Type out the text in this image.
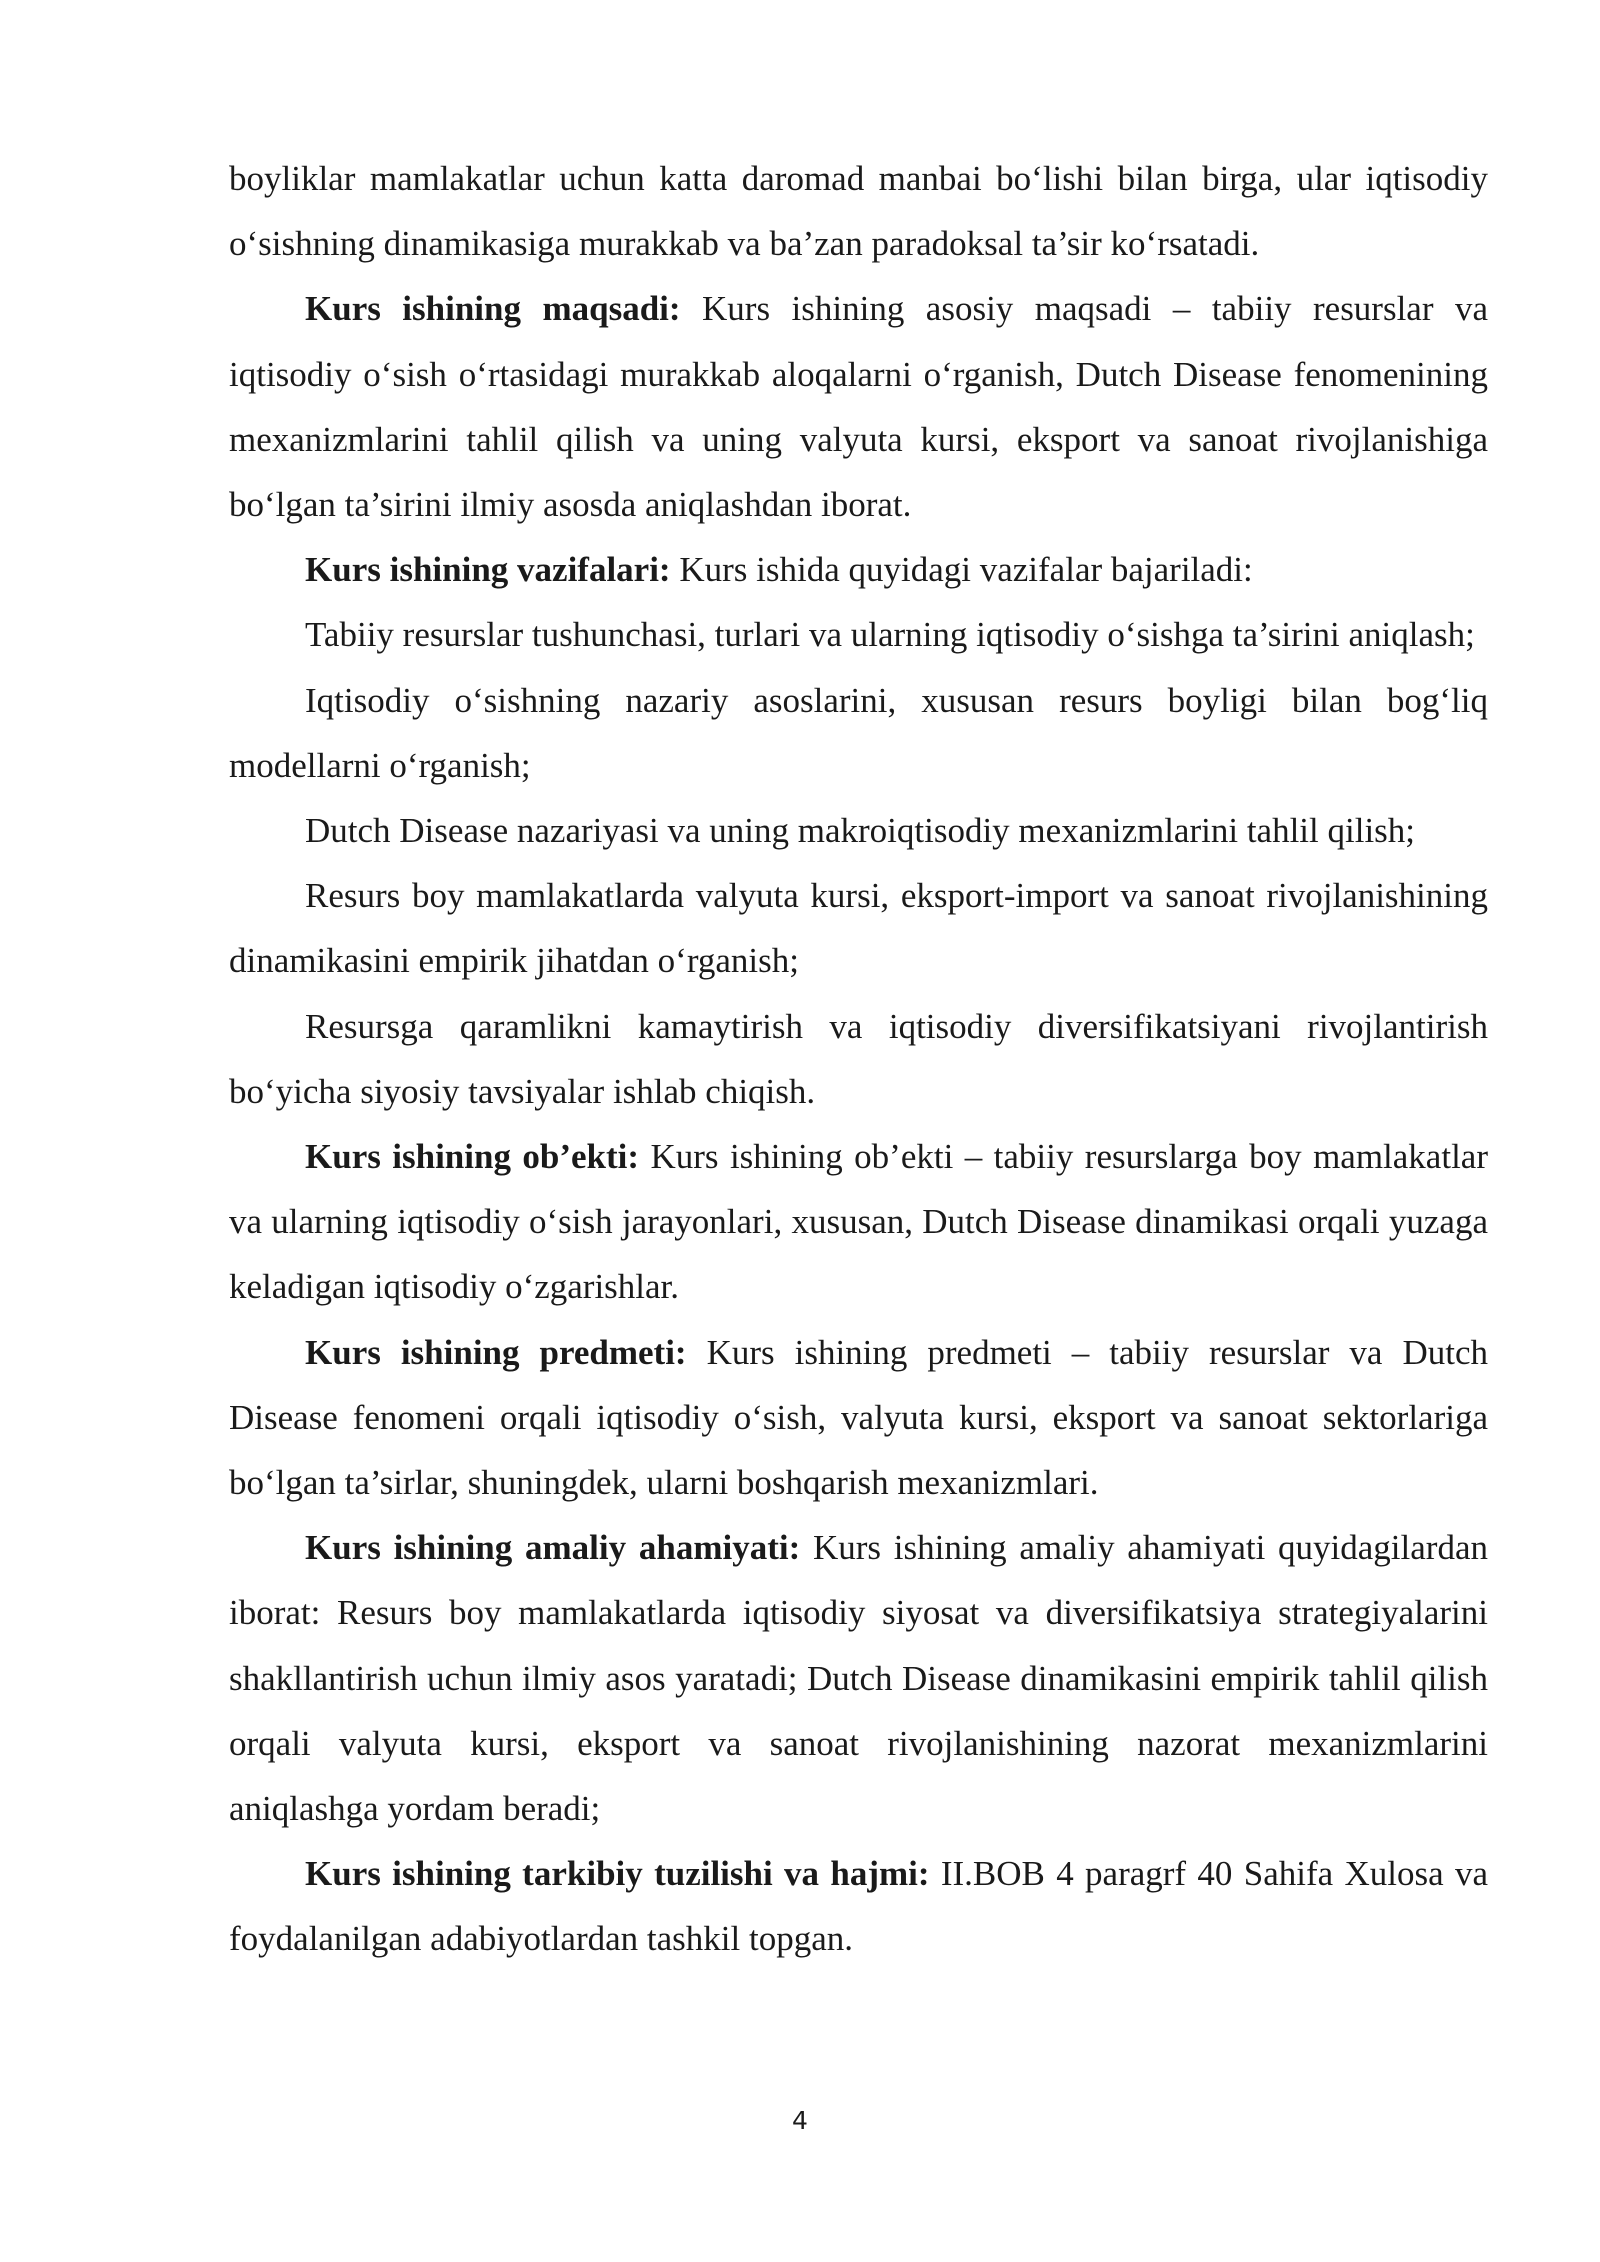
boyliklar mamlakatlar uchun katta daromad manbai bo‘lishi bilan birga, ular iqtisodiy o‘sishning dinamikasiga murakkab va ba’zan paradoksal ta’sir ko‘rsatadi.

Kurs ishining maqsadi: Kurs ishining asosiy maqsadi – tabiiy resurslar va iqtisodiy o‘sish o‘rtasidagi murakkab aloqalarni o‘rganish, Dutch Disease fenomenining mexanizmlarini tahlil qilish va uning valyuta kursi, eksport va sanoat rivojlanishiga bo‘lgan ta’sirini ilmiy asosda aniqlashdan iborat.

Kurs ishining vazifalari: Kurs ishida quyidagi vazifalar bajariladi:

Tabiiy resurslar tushunchasi, turlari va ularning iqtisodiy o‘sishga ta’sirini aniqlash;

Iqtisodiy o‘sishning nazariy asoslarini, xususan resurs boyligi bilan bog‘liq modellarni o‘rganish;

Dutch Disease nazariyasi va uning makroiqtisodiy mexanizmlarini tahlil qilish;

Resurs boy mamlakatlarda valyuta kursi, eksport-import va sanoat rivojlanishining dinamikasini empirik jihatdan o‘rganish;

Resursga qaramlikni kamaytirish va iqtisodiy diversifikatsiyani rivojlantirish bo‘yicha siyosiy tavsiyalar ishlab chiqish.

Kurs ishining ob’ekti: Kurs ishining ob’ekti – tabiiy resurslarga boy mamlakatlar va ularning iqtisodiy o‘sish jarayonlari, xususan, Dutch Disease dinamikasi orqali yuzaga keladigan iqtisodiy o‘zgarishlar.

Kurs ishining predmeti: Kurs ishining predmeti – tabiiy resurslar va Dutch Disease fenomeni orqali iqtisodiy o‘sish, valyuta kursi, eksport va sanoat sektorlariga bo‘lgan ta’sirlar, shuningdek, ularni boshqarish mexanizmlari.

Kurs ishining amaliy ahamiyati: Kurs ishining amaliy ahamiyati quyidagilardan iborat: Resurs boy mamlakatlarda iqtisodiy siyosat va diversifikatsiya strategiyalarini shakllantirish uchun ilmiy asos yaratadi; Dutch Disease dinamikasini empirik tahlil qilish orqali valyuta kursi, eksport va sanoat rivojlanishining nazorat mexanizmlarini aniqlashga yordam beradi;

Kurs ishining tarkibiy tuzilishi va hajmi: II.BOB 4 paragrf 40 Sahifa Xulosa va foydalanilgan adabiyotlardan tashkil topgan.

4
